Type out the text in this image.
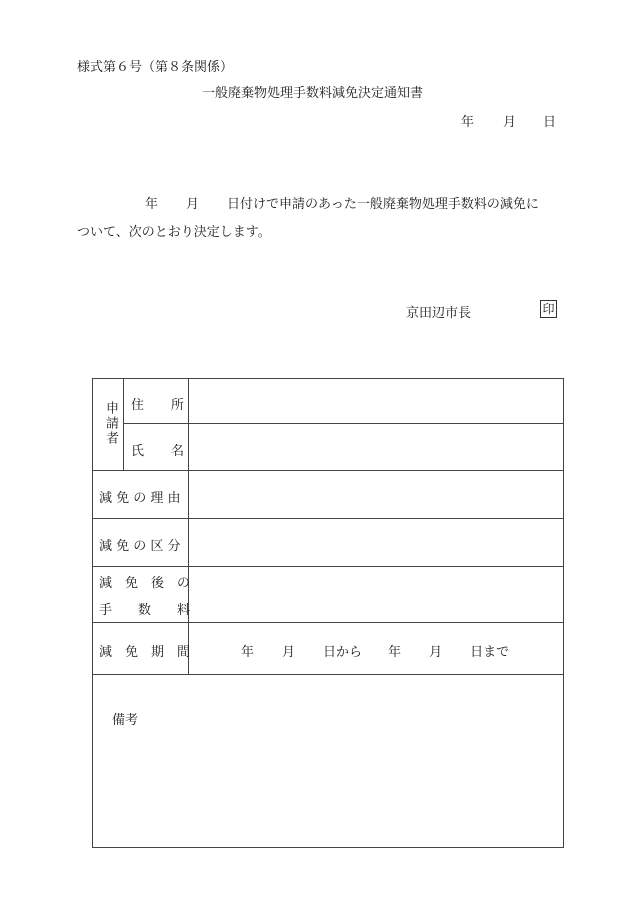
様式第６号（第８条関係）
一般廃棄物処理手数料減免決定通知書
年 月 日
年 月 日付けで申請のあった一般廃棄物処理手数料の減免に
ついて、次のとおり決定します。
京田辺市長	印
申請者 住 所
氏 名
減 免 の 理 由
減 免 の 区 分
減　免　後　の
手　　数　　料
減　免　期　間	年 月 日から 年 月 日まで
備考
